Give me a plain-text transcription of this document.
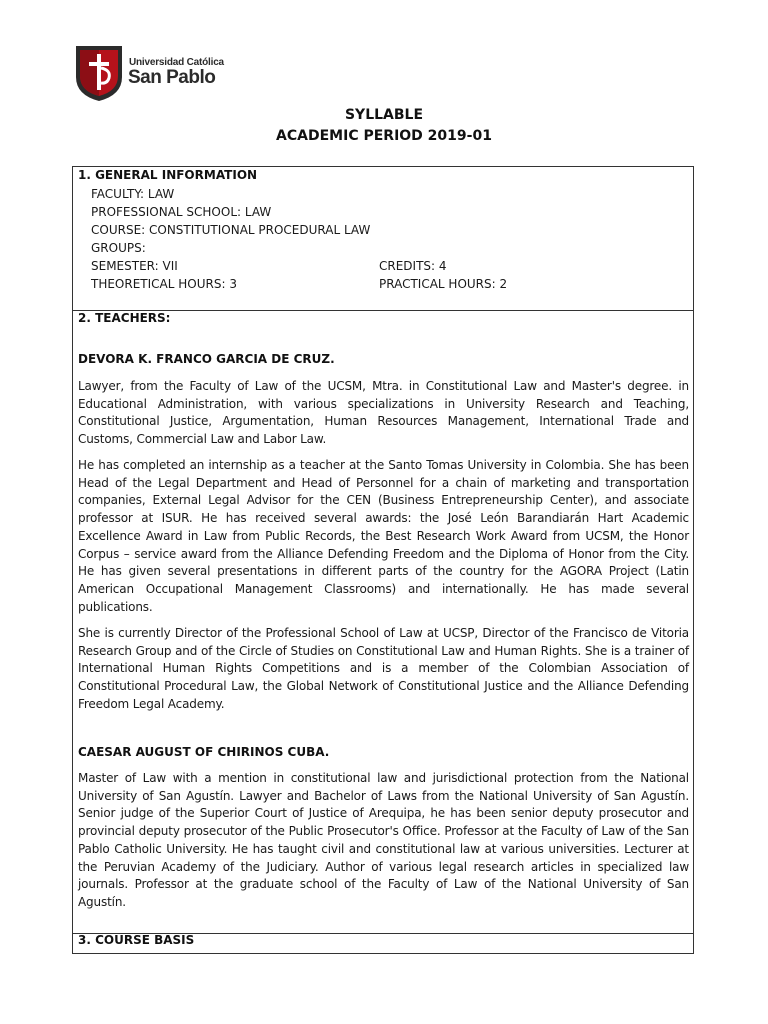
Universidad Católica
San Pablo
SYLLABLE
ACADEMIC PERIOD 2019-01
1. GENERAL INFORMATION
FACULTY: LAW
PROFESSIONAL SCHOOL: LAW
COURSE: CONSTITUTIONAL PROCEDURAL LAW
GROUPS:
SEMESTER: VII	CREDITS: 4
THEORETICAL HOURS: 3	PRACTICAL HOURS: 2
2. TEACHERS:
DEVORA K. FRANCO GARCIA DE CRUZ.

Lawyer, from the Faculty of Law of the UCSM, Mtra. in Constitutional Law and Master's degree. in Educational Administration, with various specializations in University Research and Teaching, Constitutional Justice, Argumentation, Human Resources Management, International Trade and Customs, Commercial Law and Labor Law.

He has completed an internship as a teacher at the Santo Tomas University in Colombia. She has been Head of the Legal Department and Head of Personnel for a chain of marketing and transportation companies, External Legal Advisor for the CEN (Business Entrepreneurship Center), and associate professor at ISUR. He has received several awards: the José León Barandiarán Hart Academic Excellence Award in Law from Public Records, the Best Research Work Award from UCSM, the Honor Corpus – service award from the Alliance Defending Freedom and the Diploma of Honor from the City. He has given several presentations in different parts of the country for the AGORA Project (Latin American Occupational Management Classrooms) and internationally. He has made several publications.

She is currently Director of the Professional School of Law at UCSP, Director of the Francisco de Vitoria Research Group and of the Circle of Studies on Constitutional Law and Human Rights. She is a trainer of International Human Rights Competitions and is a member of the Colombian Association of Constitutional Procedural Law, the Global Network of Constitutional Justice and the Alliance Defending Freedom Legal Academy.

CAESAR AUGUST OF CHIRINOS CUBA.

Master of Law with a mention in constitutional law and jurisdictional protection from the National University of San Agustín. Lawyer and Bachelor of Laws from the National University of San Agustín. Senior judge of the Superior Court of Justice of Arequipa, he has been senior deputy prosecutor and provincial deputy prosecutor of the Public Prosecutor's Office. Professor at the Faculty of Law of the San Pablo Catholic University. He has taught civil and constitutional law at various universities. Lecturer at the Peruvian Academy of the Judiciary. Author of various legal research articles in specialized law journals. Professor at the graduate school of the Faculty of Law of the National University of San Agustín.

3. COURSE BASIS
